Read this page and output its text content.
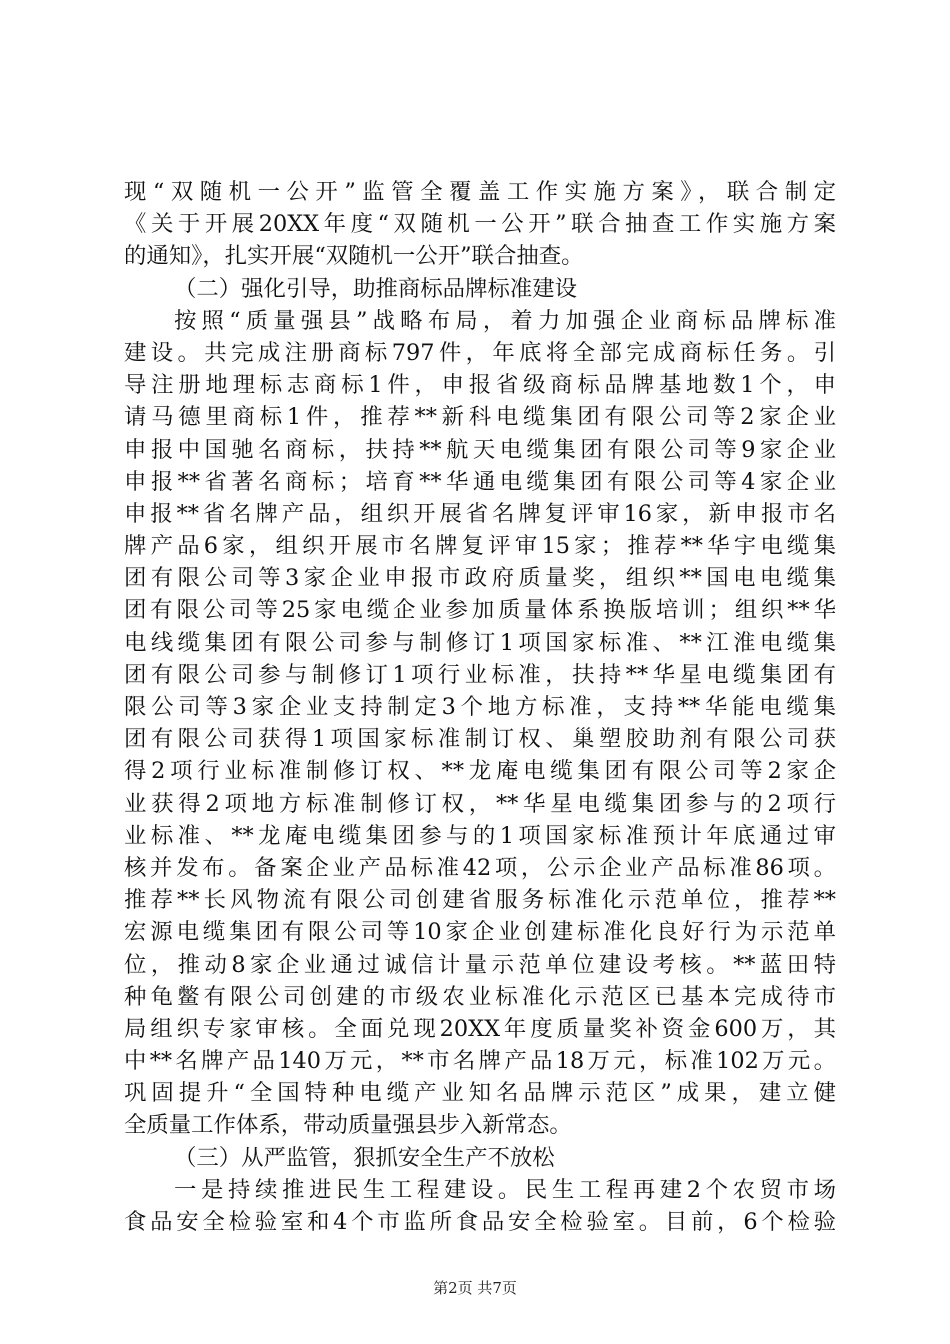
现“双随机一公开”监管全覆盖工作实施方案》，联合制定
《关于开展20XX年度“双随机一公开”联合抽查工作实施方案
的通知》，扎实开展“双随机一公开”联合抽查。
（二）强化引导，助推商标品牌标准建设
按照“质量强县”战略布局，着力加强企业商标品牌标准
建设。共完成注册商标797件，年底将全部完成商标任务。引
导注册地理标志商标1件，申报省级商标品牌基地数1个，申
请马德里商标1件，推荐**新科电缆集团有限公司等2家企业
申报中国驰名商标，扶持**航天电缆集团有限公司等9家企业
申报**省著名商标；培育**华通电缆集团有限公司等4家企业
申报**省名牌产品，组织开展省名牌复评审16家，新申报市名
牌产品6家，组织开展市名牌复评审15家；推荐**华宇电缆集
团有限公司等3家企业申报市政府质量奖，组织**国电电缆集
团有限公司等25家电缆企业参加质量体系换版培训；组织**华
电线缆集团有限公司参与制修订1项国家标准、**江淮电缆集
团有限公司参与制修订1项行业标准，扶持**华星电缆集团有
限公司等3家企业支持制定3个地方标准，支持**华能电缆集
团有限公司获得1项国家标准制订权、巢塑胶助剂有限公司获
得2项行业标准制修订权、**龙庵电缆集团有限公司等2家企
业获得2项地方标准制修订权，**华星电缆集团参与的2项行
业标准、**龙庵电缆集团参与的1项国家标准预计年底通过审
核并发布。备案企业产品标准42项，公示企业产品标准86项。
推荐**长风物流有限公司创建省服务标准化示范单位，推荐**
宏源电缆集团有限公司等10家企业创建标准化良好行为示范单
位，推动8家企业通过诚信计量示范单位建设考核。**蓝田特
种龟鳖有限公司创建的市级农业标准化示范区已基本完成待市
局组织专家审核。全面兑现20XX年度质量奖补资金600万，其
中**名牌产品140万元，**市名牌产品18万元，标准102万元。
巩固提升“全国特种电缆产业知名品牌示范区”成果，建立健
全质量工作体系，带动质量强县步入新常态。
（三）从严监管，狠抓安全生产不放松
一是持续推进民生工程建设。民生工程再建2个农贸市场
食品安全检验室和4个市监所食品安全检验室。目前，6个检验
第2页 共7页
